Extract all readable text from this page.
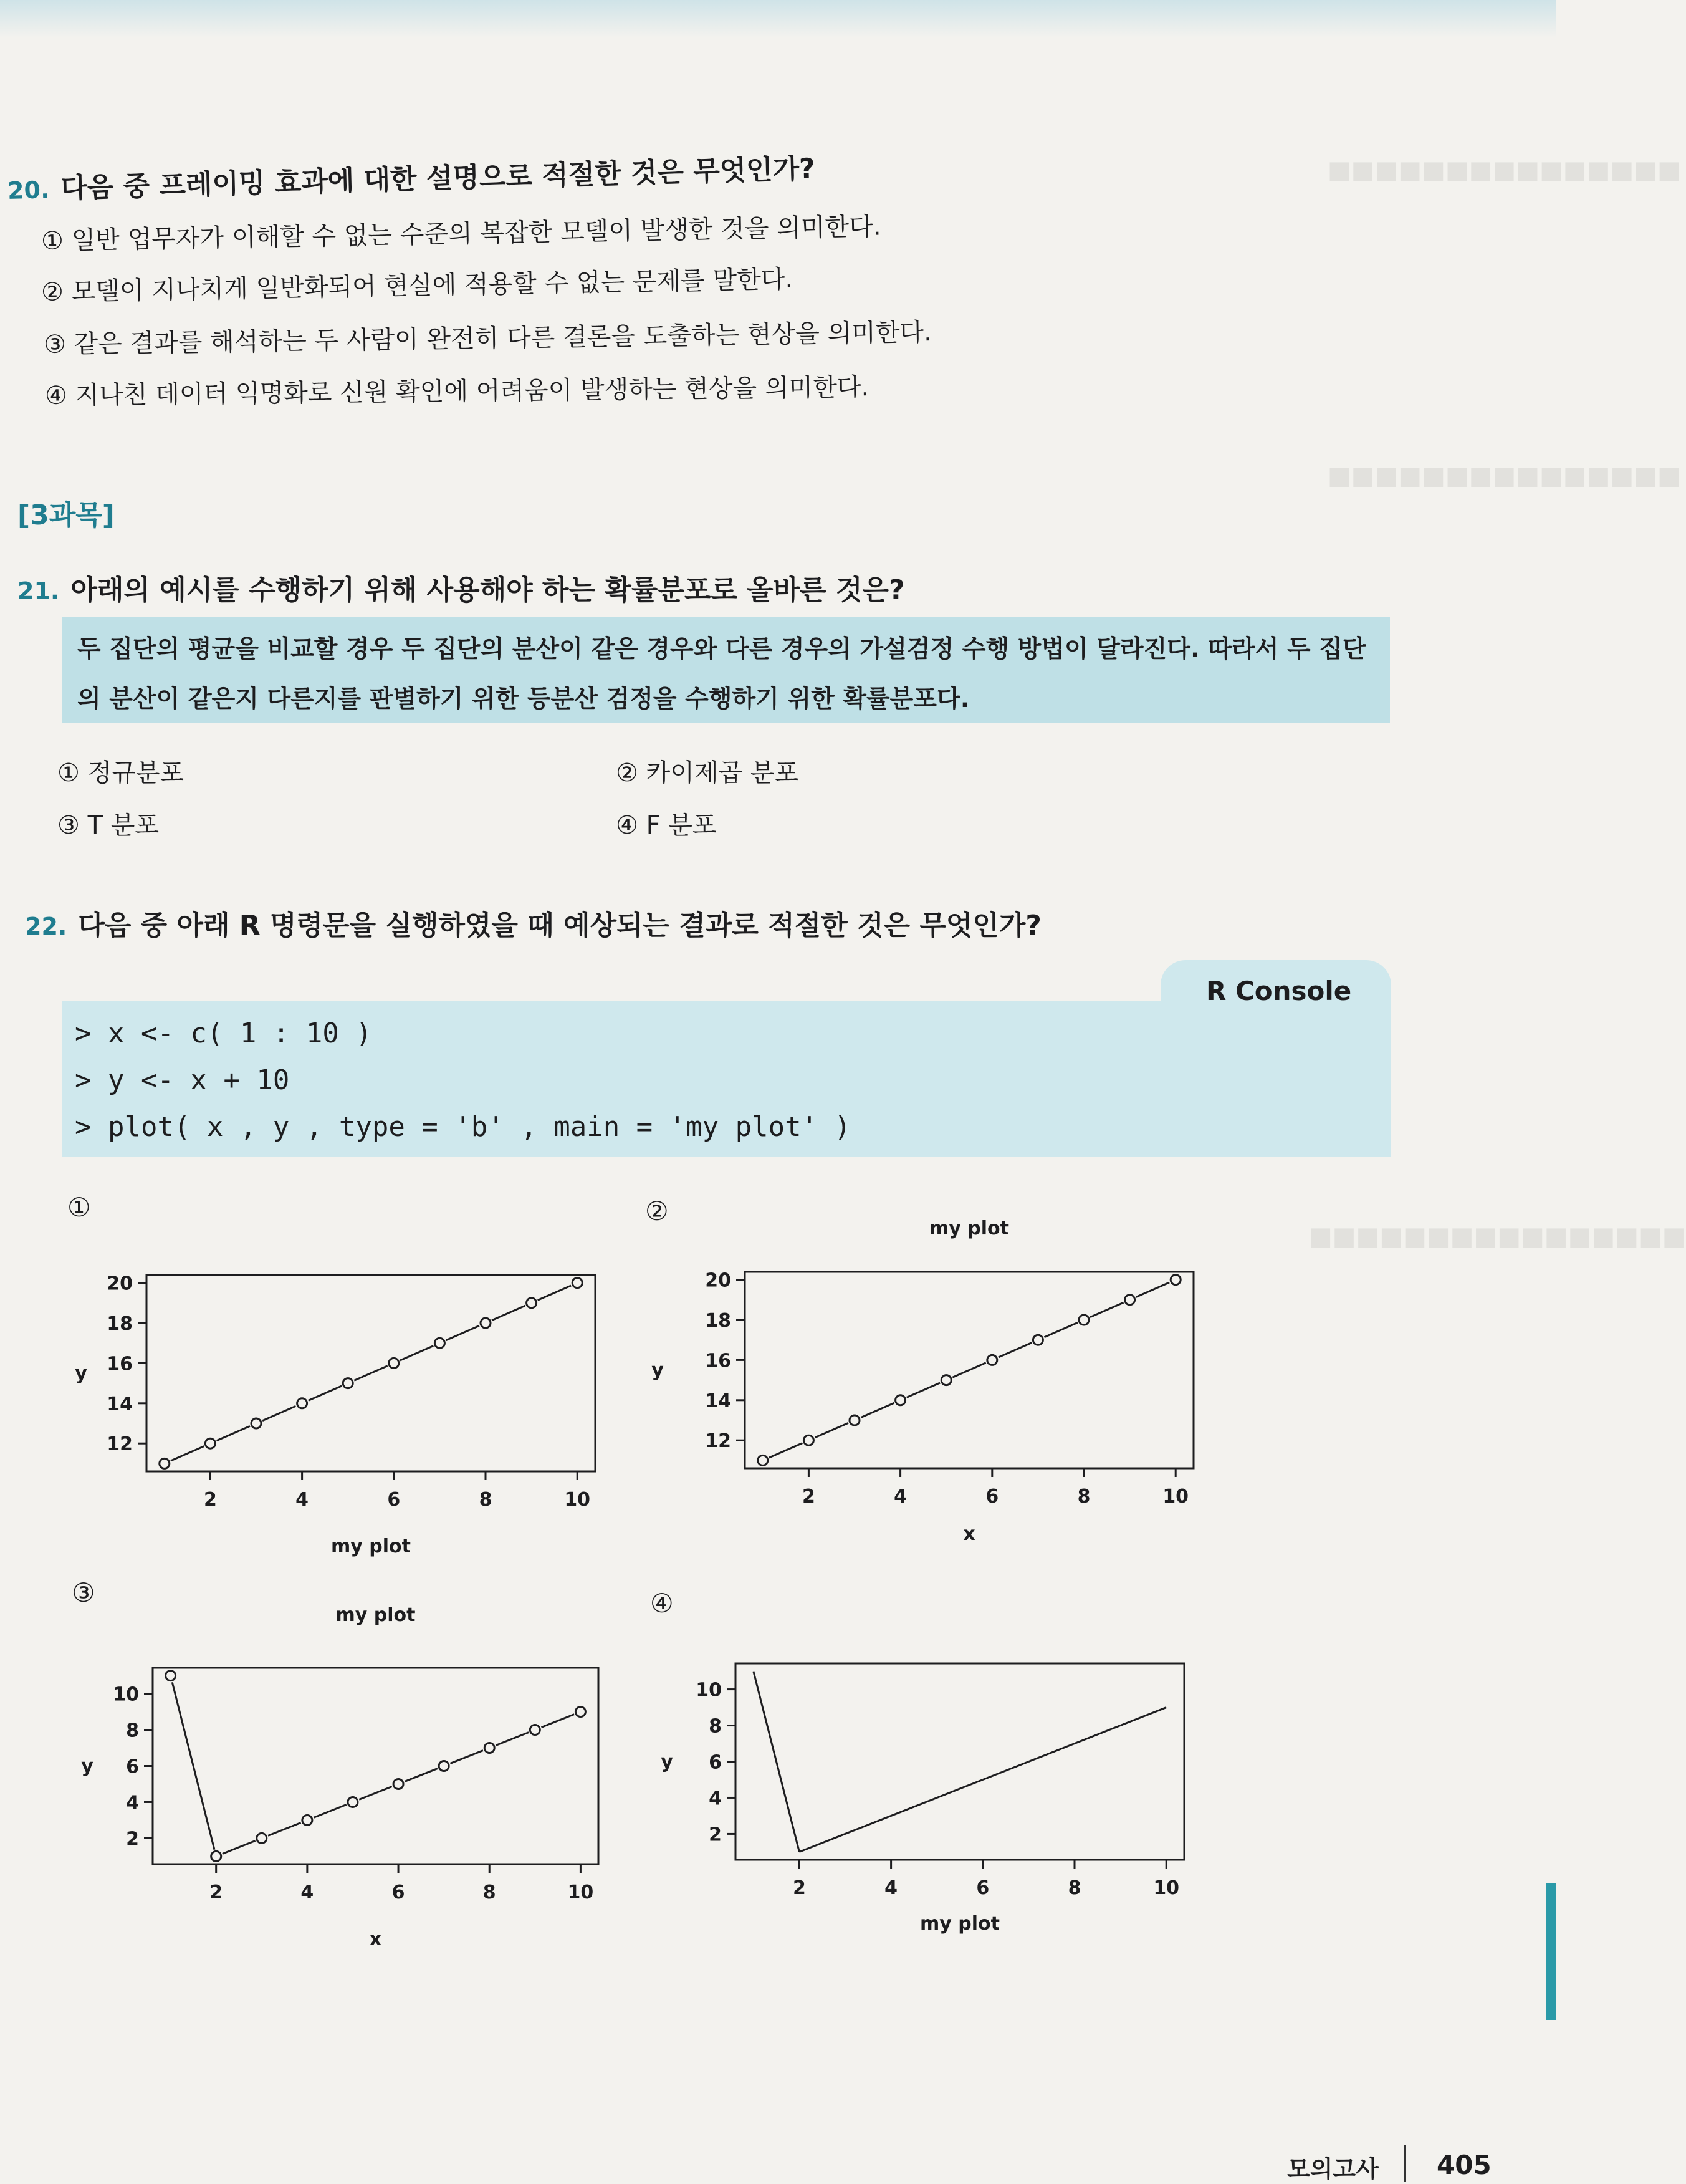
■■■■■■■■■■■■■■■
■■■■■■■■■■■■■■■
■■■■■■■■■■■■■■■■
20. 다음 중 프레이밍 효과에 대한 설명으로 적절한 것은 무엇인가?
① 일반 업무자가 이해할 수 없는 수준의 복잡한 모델이 발생한 것을 의미한다.
② 모델이 지나치게 일반화되어 현실에 적용할 수 없는 문제를 말한다.
③ 같은 결과를 해석하는 두 사람이 완전히 다른 결론을 도출하는 현상을 의미한다.
④ 지나친 데이터 익명화로 신원 확인에 어려움이 발생하는 현상을 의미한다.
[3과목]
21. 아래의 예시를 수행하기 위해 사용해야 하는 확률분포로 올바른 것은?

두 집단의 평균을 비교할 경우 두 집단의 분산이 같은 경우와 다른 경우의 가설검정 수행 방법이 달라진다. 따라서 두 집단

의 분산이 같은지 다른지를 판별하기 위한 등분산 검정을 수행하기 위한 확률분포다.

① 정규분포	② 카이제곱 분포
③ T 분포	④ F 분포
22. 다음 중 아래 R 명령문을 실행하였을 때 예상되는 결과로 적절한 것은 무엇인가?
R Console
> x <- c( 1 : 10 )
> y <- x + 10
> plot( x , y , type = 'b' , main = 'my plot' )
①	②
③	④
my plot
y
2	4	6	8	10
12
14
16
18
20
my plot
x
y
2	4	6	8	10
12
14
16
18
20
my plot
x
y
2	4	6	8	10
2
4
6
8
10
my plot
y
2	4	6	8	10
2
4
6
8
10
모의고사 405
